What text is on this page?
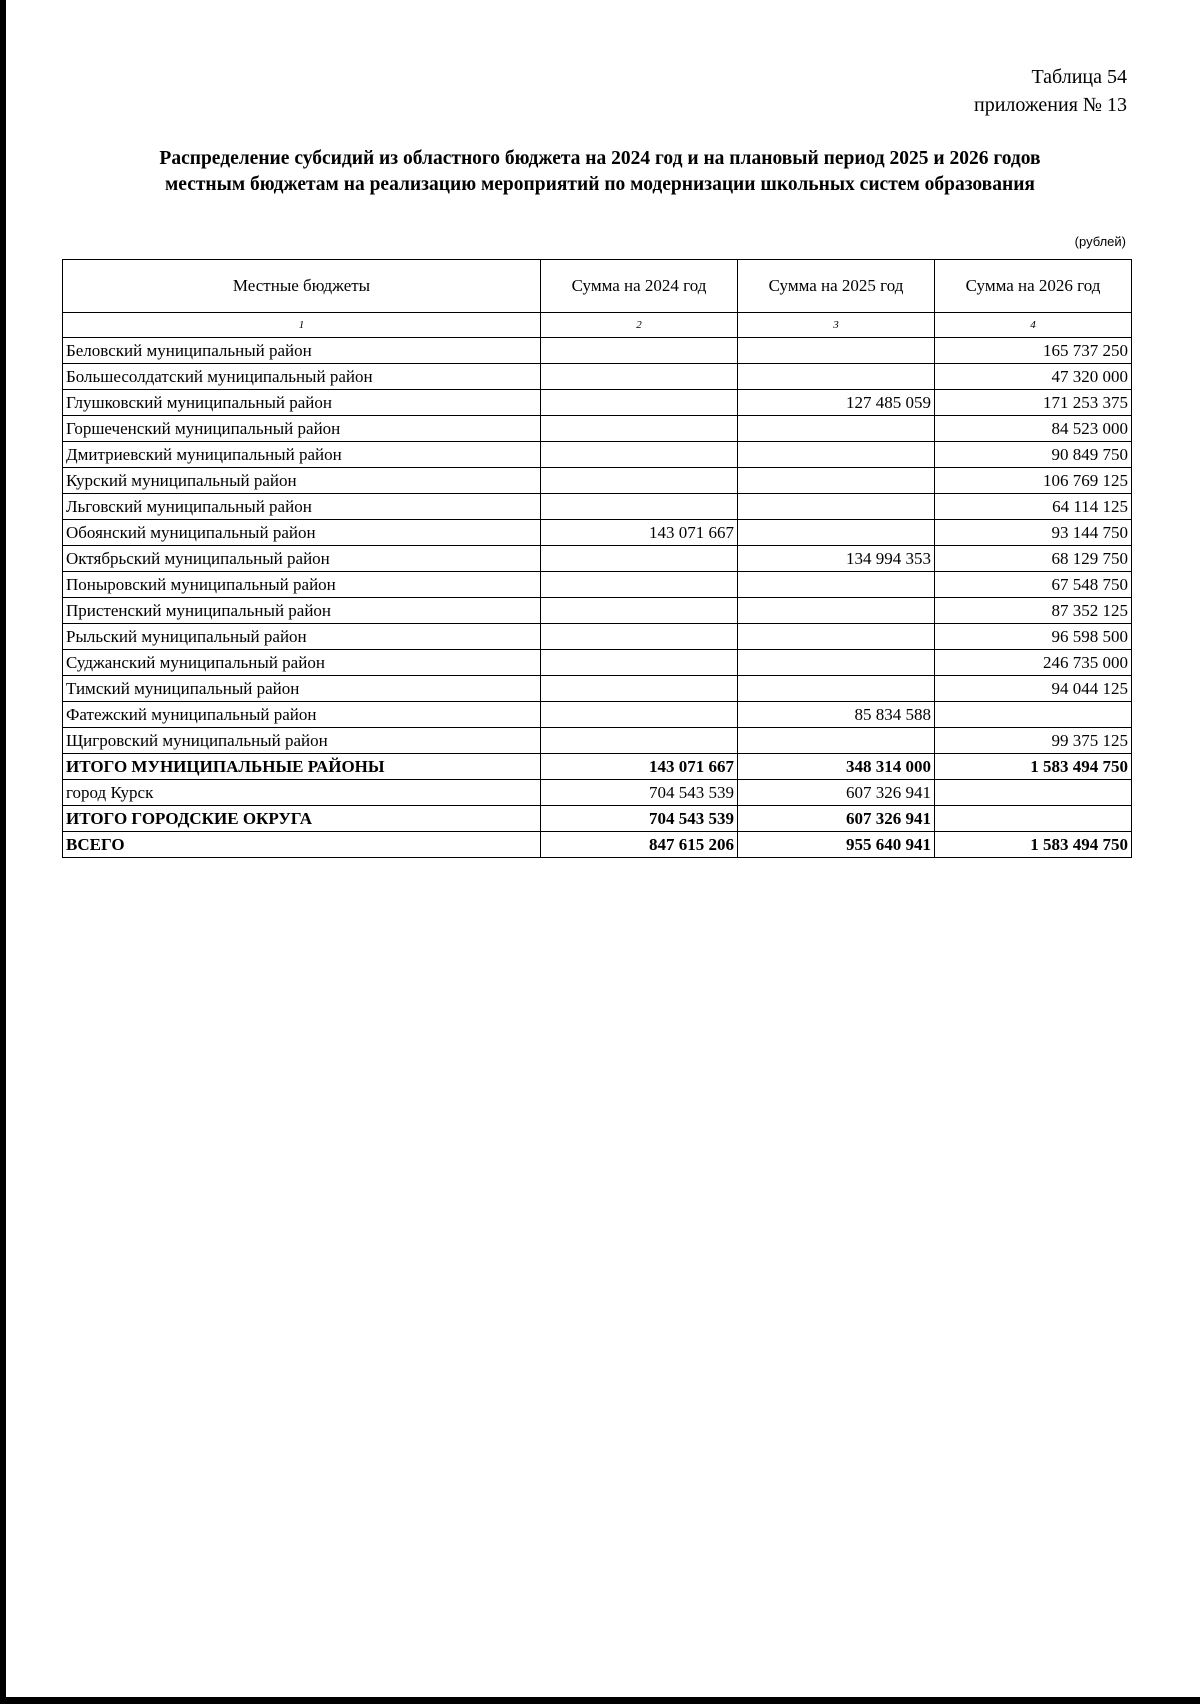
Таблица 54
приложения № 13
Распределение субсидий из областного бюджета на 2024 год и на плановый период 2025 и 2026 годов
местным бюджетам на реализацию мероприятий по модернизации школьных систем образования
(рублей)
Местные бюджеты	Сумма на 2024 год	Сумма на 2025 год	Сумма на 2026 год
1	2	3	4
Беловский муниципальный район			165 737 250
Большесолдатский муниципальный район			47 320 000
Глушковский муниципальный район		127 485 059	171 253 375
Горшеченский муниципальный район			84 523 000
Дмитриевский муниципальный район			90 849 750
Курский муниципальный район			106 769 125
Льговский муниципальный район			64 114 125
Обоянский муниципальный район	143 071 667		93 144 750
Октябрьский муниципальный район		134 994 353	68 129 750
Поныровский муниципальный район			67 548 750
Пристенский муниципальный район			87 352 125
Рыльский муниципальный район			96 598 500
Суджанский муниципальный район			246 735 000
Тимский муниципальный район			94 044 125
Фатежский муниципальный район		85 834 588	
Щигровский муниципальный район			99 375 125
ИТОГО МУНИЦИПАЛЬНЫЕ РАЙОНЫ	143 071 667	348 314 000	1 583 494 750
город Курск	704 543 539	607 326 941	
ИТОГО ГОРОДСКИЕ ОКРУГА	704 543 539	607 326 941	
ВСЕГО	847 615 206	955 640 941	1 583 494 750
